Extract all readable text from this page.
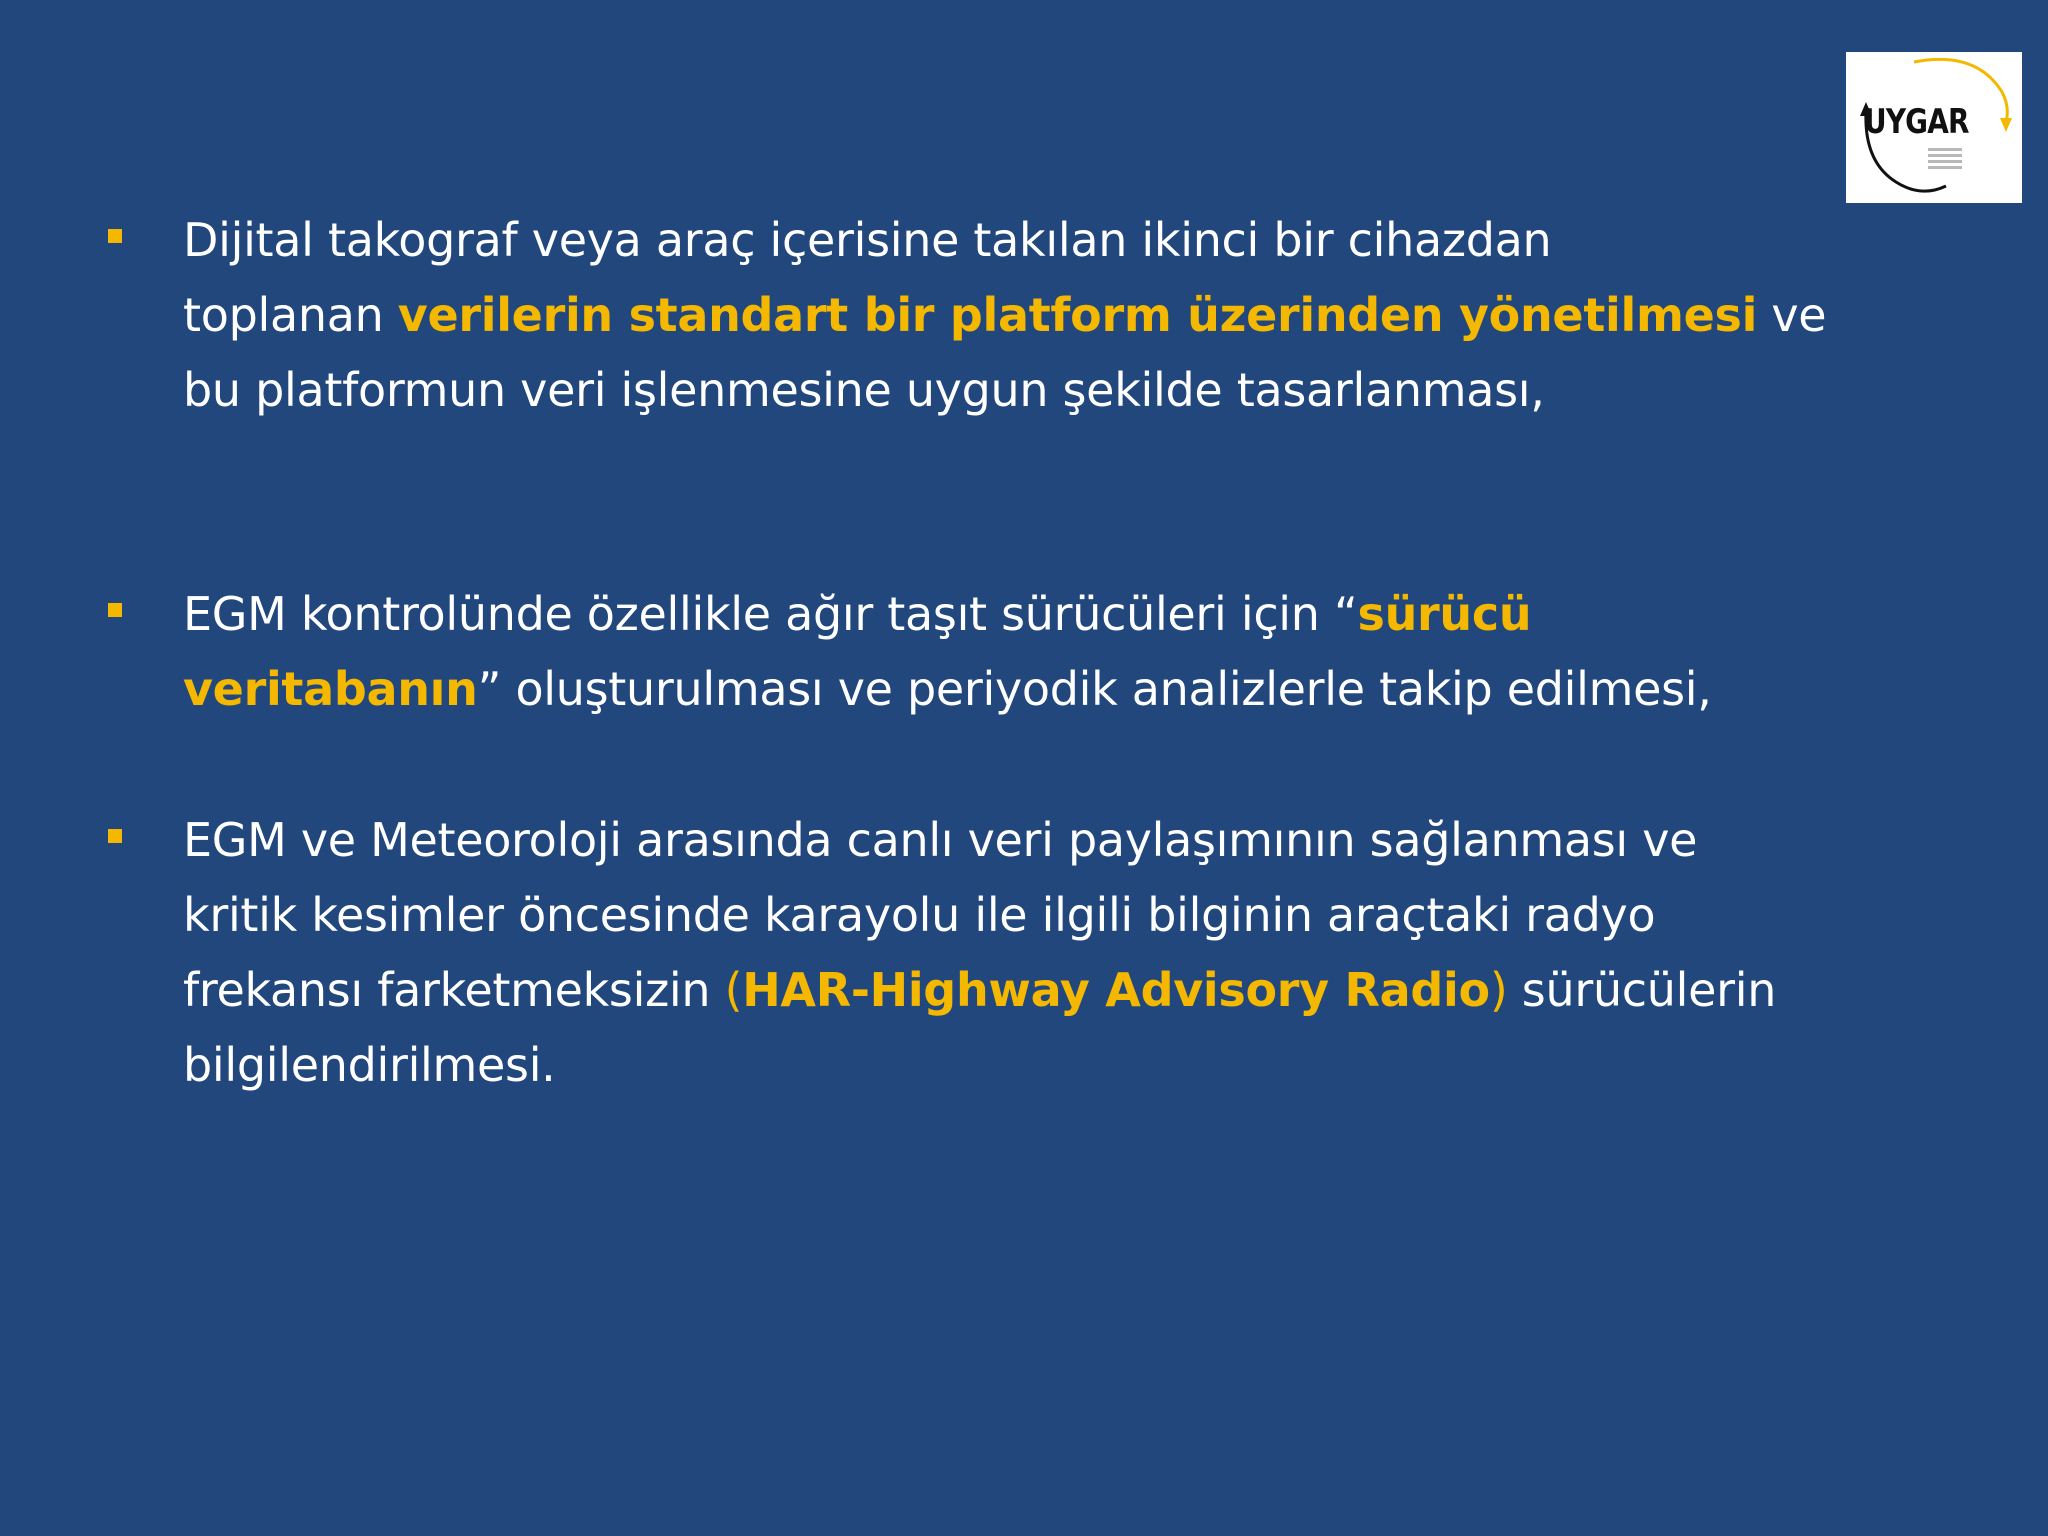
UYGAR
Dijital takograf veya araç içerisine takılan ikinci bir cihazdan
toplanan verilerin standart bir platform üzerinden yönetilmesi ve
bu platformun veri işlenmesine uygun şekilde tasarlanması,
EGM kontrolünde özellikle ağır taşıt sürücüleri için “sürücü
veritabanın” oluşturulması ve periyodik analizlerle takip edilmesi,
EGM ve Meteoroloji arasında canlı veri paylaşımının sağlanması ve
kritik kesimler öncesinde karayolu ile ilgili bilginin araçtaki radyo
frekansı farketmeksizin (HAR-Highway Advisory Radio) sürücülerin
bilgilendirilmesi.
